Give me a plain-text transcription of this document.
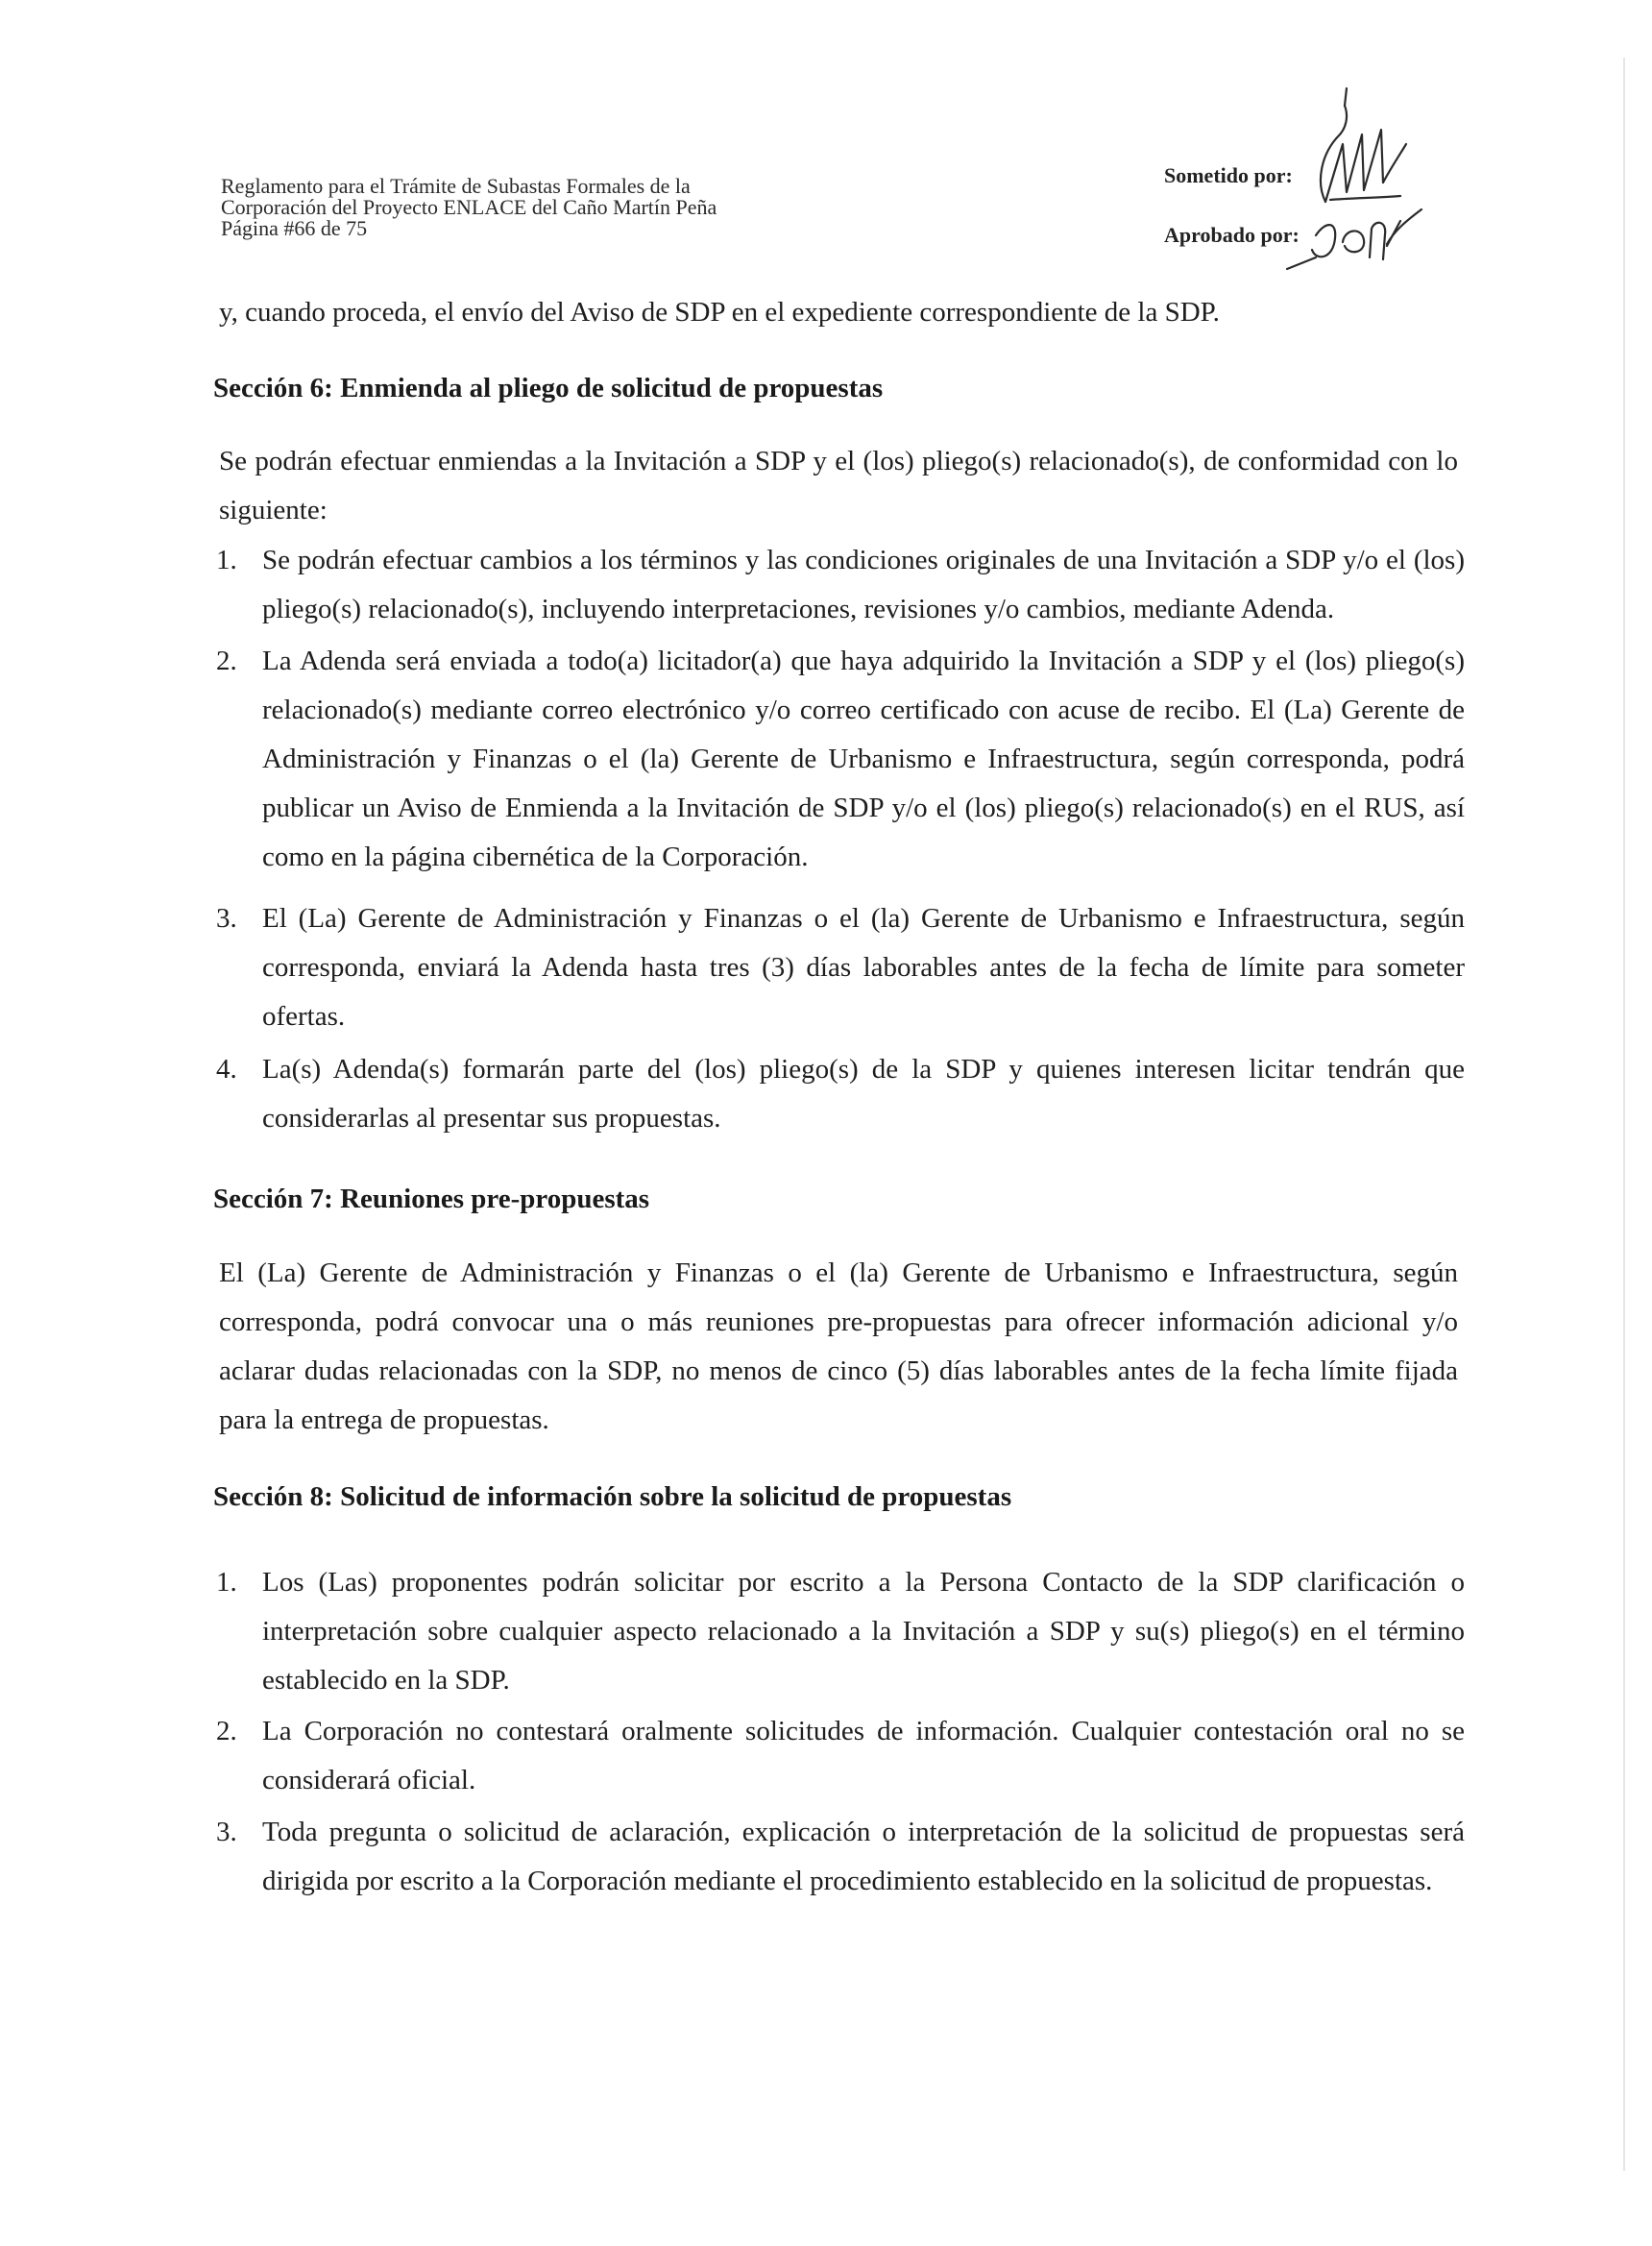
Reglamento para el Trámite de Subastas Formales de la
Corporación del Proyecto ENLACE del Caño Martín Peña
Página #66 de 75
Sometido por:
Aprobado por:

y, cuando proceda, el envío del Aviso de SDP en el expediente correspondiente de la SDP.

Sección 6: Enmienda al pliego de solicitud de propuestas

Se podrán efectuar enmiendas a la Invitación a SDP y el (los) pliego(s) relacionado(s), de conformidad con lo siguiente:

1. Se podrán efectuar cambios a los términos y las condiciones originales de una Invitación a SDP y/o el (los) pliego(s) relacionado(s), incluyendo interpretaciones, revisiones y/o cambios, mediante Adenda.
2. La Adenda será enviada a todo(a) licitador(a) que haya adquirido la Invitación a SDP y el (los) pliego(s) relacionado(s) mediante correo electrónico y/o correo certificado con acuse de recibo. El (La) Gerente de Administración y Finanzas o el (la) Gerente de Urbanismo e Infraestructura, según corresponda, podrá publicar un Aviso de Enmienda a la Invitación de SDP y/o el (los) pliego(s) relacionado(s) en el RUS, así como en la página cibernética de la Corporación.
3. El (La) Gerente de Administración y Finanzas o el (la) Gerente de Urbanismo e Infraestructura, según corresponda, enviará la Adenda hasta tres (3) días laborables antes de la fecha de límite para someter ofertas.
4. La(s) Adenda(s) formarán parte del (los) pliego(s) de la SDP y quienes interesen licitar tendrán que considerarlas al presentar sus propuestas.
Sección 7: Reuniones pre-propuestas

El (La) Gerente de Administración y Finanzas o el (la) Gerente de Urbanismo e Infraestructura, según corresponda, podrá convocar una o más reuniones pre-propuestas para ofrecer información adicional y/o aclarar dudas relacionadas con la SDP, no menos de cinco (5) días laborables antes de la fecha límite fijada para la entrega de propuestas.

Sección 8: Solicitud de información sobre la solicitud de propuestas
1. Los (Las) proponentes podrán solicitar por escrito a la Persona Contacto de la SDP clarificación o interpretación sobre cualquier aspecto relacionado a la Invitación a SDP y su(s) pliego(s) en el término establecido en la SDP.
2. La Corporación no contestará oralmente solicitudes de información. Cualquier contestación oral no se considerará oficial.
3. Toda pregunta o solicitud de aclaración, explicación o interpretación de la solicitud de propuestas será dirigida por escrito a la Corporación mediante el procedimiento establecido en la solicitud de propuestas.
